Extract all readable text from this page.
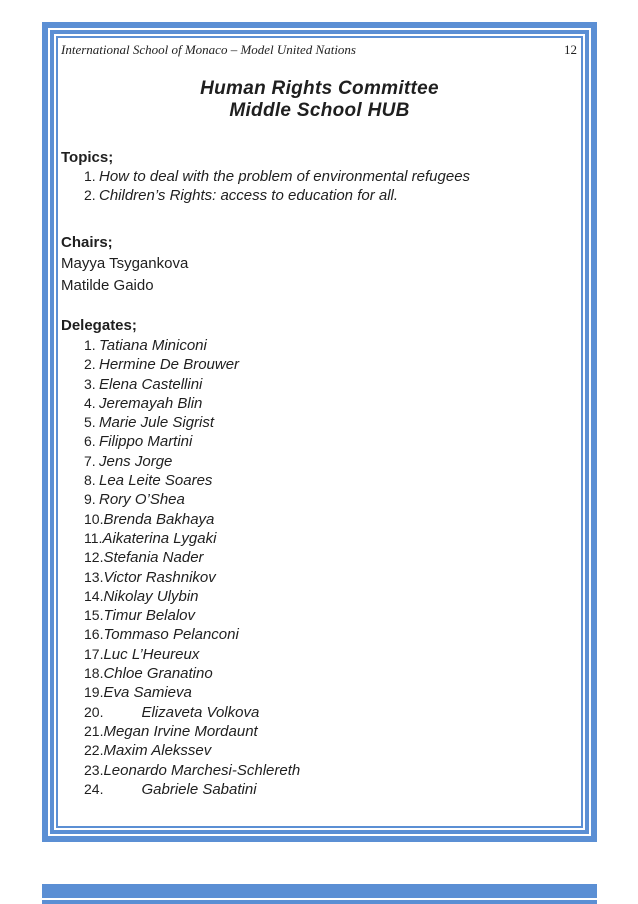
International School of Monaco – Model United Nations	12
Human Rights Committee
Middle School HUB
Topics;
1. How to deal with the problem of environmental refugees
2. Children’s Rights: access to education for all.
Chairs;
Mayya Tsygankova
Matilde Gaido
Delegates;
1. Tatiana Miniconi
2. Hermine De Brouwer
3. Elena Castellini
4. Jeremayah Blin
5. Marie Jule Sigrist
6. Filippo Martini
7. Jens Jorge
8. Lea Leite Soares
9. Rory O’Shea
10.Brenda Bakhaya
11.Aikaterina Lygaki
12.Stefania Nader
13.Victor Rashnikov
14.Nikolay Ulybin
15.Timur Belalov
16.Tommaso Pelanconi
17.Luc L’Heureux
18.Chloe Granatino
19.Eva Samieva
20.	Elizaveta Volkova
21.Megan Irvine Mordaunt
22.Maxim Alekssev
23.Leonardo Marchesi-Schlereth
24.	Gabriele Sabatini
